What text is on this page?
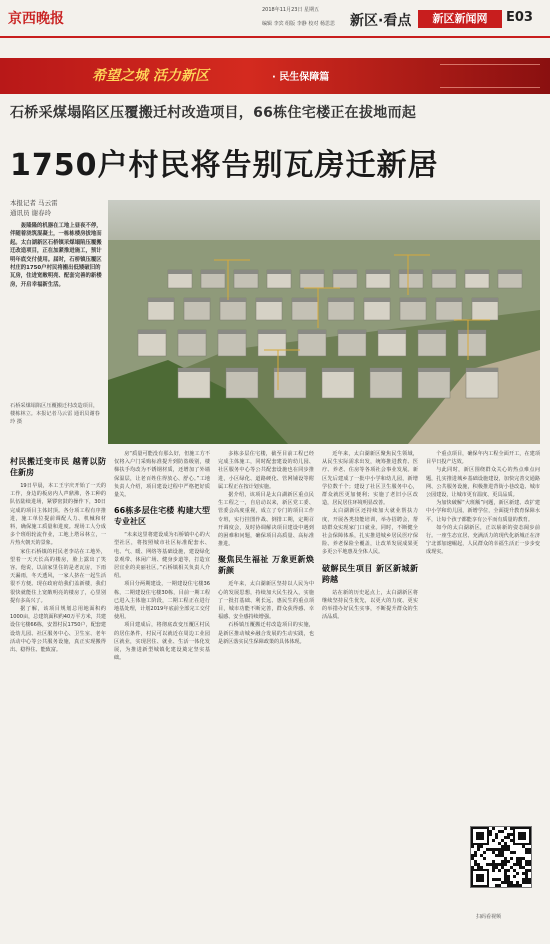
京西晚报
2018年11月23日 星期五
编辑 李宾 组版 李静 校对 杨思思 新区·看点	新区新闻网	E03
希望之城 活力新区	· 民生保障篇
石桥采煤塌陷区压覆搬迁村改造项目，66栋住宅楼正在拔地而起
1750户村民将告别瓦房迁新居
本报记者 马云雷
通讯员 谢春玲
轰隆隆的机器在工地上昼夜不停，伴随着浇筑混凝土，一栋栋楼房拔地而起。太白湖新区石桥镇采煤塌陷压覆搬迁改造项目，正在加紧推进施工，预计明年底交付使用。届时，石桥镇压覆区村庄的1750户村民将搬出低矮破旧的瓦房，住进宽敞明亮、配套完善的新楼房，开启幸福新生活。
石桥采煤塌陷区压覆搬迁村改造项目，楼栋林立。本报记者马云雷 通讯员谢春玲 摄
村民搬迁变市民 越菁以防住新房

19日早晨，本工王宇庆开始了一天的工作，身边的板房内人声鼎沸，各工种的队伍陆续进场，紧锣密鼓的操作下，30日完成的项目主体封顶。各分项工程有序推进，施工单位提前调配人力、机械和材料，确保施工质量和进度。现场工人分成多个班组轮流作业，工地上塔吊林立，一片热火朝天的景象。

家住石桥镇的村民老李站在工地外，望着一天天长高的楼房，脸上露出了笑容。他说，以前家里住的是老瓦房，下雨天漏雨，冬天透风，一家人挤在一起生活很不方便。现在政府给我们盖新楼，我们很快就能住上宽敞明亮的楼房了，心里别提有多高兴了。

据了解，该项目规划总用地面积约1000亩，总建筑面积约40万平方米，共建设住宅楼66栋，安置村民1750户，配套建设幼儿园、社区服务中心、卫生室、老年活动中心等公共服务设施，真正实现搬得出、稳得住、能致富。

房“质量可能没有那么好，但施工方不仅将入户门采购标准提升到防盗级别，楼梯扶手均改为不锈钢材质，还增加了外墙保温层，让老百姓住得放心、舒心。”工地负责人介绍，项目建设过程中严格把好质量关。

66栋多层住宅楼 构建大型专业社区

“未来这里将建设成为石桥镇中心的大型社区，将按照城市社区标准配套水、电、气、暖、网络等基础设施，建设绿化景观带、休闲广场、健身步道等，打造宜居宜业的美丽社区。”石桥镇相关负责人介绍。

项目分两期建设，一期建设住宅楼36栋，二期建设住宅楼30栋，目前一期工程已进入主体施工阶段，二期工程正在进行地基处理，计划2019年底前全部完工交付使用。

项目建成后，将彻底改变压覆区村民的居住条件，村民可以就近在周边工业园区就业，实现居住、就业、生活一体化发展，为推进新型城镇化建设奠定坚实基础。

多栋多层住宅楼，截至目前工程已经完成主体施工，同时配套建设的幼儿园、社区服务中心等公共配套设施也在同步推进，小区绿化、道路硬化、管网铺设等附属工程正在按计划实施。

据介绍，该项目是太白湖新区重点民生工程之一，自启动以来，新区党工委、管委会高度重视，成立了专门的项目工作专班，实行挂图作战、倒排工期，定期召开调度会，及时协调解决项目建设中遇到的困难和问题，确保项目高质量、高标准推进。

聚焦民生福祉 万象更新焕新颜

近年来，太白湖新区坚持以人民为中心的发展思想，持续加大民生投入，实施了一批打基础、利长远、惠民生的重点项目，城市功能不断完善，群众获得感、幸福感、安全感持续增强。

石桥镇压覆搬迁村改造项目的实施，是新区推动城乡融合发展的生动实践，也是新区落实民生保障政策的具体体现。

近年来，太白湖新区聚焦民生领域，从民生实际需求出发，统筹推进教育、医疗、养老、住房等各项社会事业发展。新区先后建成了一批中小学和幼儿园，新增学位数千个；建设了社区卫生服务中心，群众就医更加便利；实施了老旧小区改造，居民居住环境明显改善。

太白湖新区还持续加大就业帮扶力度，开展各类技能培训，举办招聘会，帮助群众实现家门口就业。同时，不断健全社会保障体系，扎实推进城乡居民医疗保险、养老保险全覆盖，让改革发展成果更多更公平地惠及全体人民。

破解民生项目 新区新城新跨越

站在新的历史起点上，太白湖新区将继续坚持民生优先，以更大的力度、更实的举措办好民生实事，不断提升群众的生活品质。

个重点项目，确保年内工程全面开工，在建项目早日投产达效。

与此同时，新区围绕群众关心的热点难点问题，扎实推进城乡基础设施建设，加快完善交通路网、公共服务设施，积极推进背街小巷改造、城市公园建设，让城市更有温度、更具品质。

为加快破解“大班额”问题，新区新建、改扩建中小学和幼儿园，新增学位，全面提升教育保障水平，让每个孩子都能享有公平而有质量的教育。

如今的太白湖新区，正以崭新的姿态阔步前行。一座生态宜居、充满活力的现代化新城正在济宁北部加速崛起，人民群众的幸福生活正一步步变成现实。

扫码看视频
